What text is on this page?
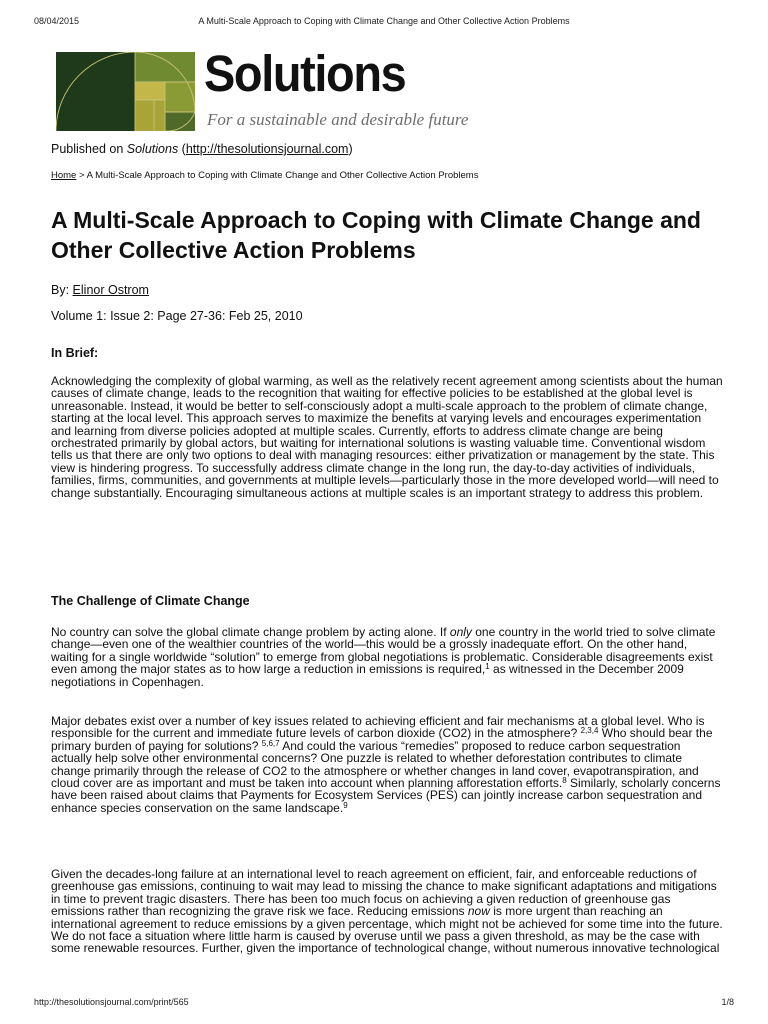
08/04/2015	A Multi-Scale Approach to Coping with Climate Change and Other Collective Action Problems
Solutions
For a sustainable and desirable future
Published on Solutions (http://thesolutionsjournal.com)
Home > A Multi-Scale Approach to Coping with Climate Change and Other Collective Action Problems
A Multi-Scale Approach to Coping with Climate Change and Other Collective Action Problems
By: Elinor Ostrom
Volume 1: Issue 2: Page 27-36: Feb 25, 2010
In Brief:

Acknowledging the complexity of global warming, as well as the relatively recent agreement among scientists about the human causes of climate change, leads to the recognition that waiting for effective policies to be established at the global level is unreasonable. Instead, it would be better to self-consciously adopt a multi-scale approach to the problem of climate change, starting at the local level. This approach serves to maximize the benefits at varying levels and encourages experimentation and learning from diverse policies adopted at multiple scales. Currently, efforts to address climate change are being orchestrated primarily by global actors, but waiting for international solutions is wasting valuable time. Conventional wisdom tells us that there are only two options to deal with managing resources: either privatization or management by the state. This view is hindering progress. To successfully address climate change in the long run, the day-to-day activities of individuals, families, firms, communities, and governments at multiple levels—particularly those in the more developed world—will need to change substantially. Encouraging simultaneous actions at multiple scales is an important strategy to address this problem.

The Challenge of Climate Change

No country can solve the global climate change problem by acting alone. If only one country in the world tried to solve climate change—even one of the wealthier countries of the world—this would be a grossly inadequate effort. On the other hand, waiting for a single worldwide “solution” to emerge from global negotiations is problematic. Considerable disagreements exist even among the major states as to how large a reduction in emissions is required,$^1$ as witnessed in the December 2009 negotiations in Copenhagen.

Major debates exist over a number of key issues related to achieving efficient and fair mechanisms at a global level. Who is responsible for the current and immediate future levels of carbon dioxide (CO2) in the atmosphere? $^{2,3,4}$ Who should bear the primary burden of paying for solutions? $^{5,6,7}$ And could the various “remedies” proposed to reduce carbon sequestration actually help solve other environmental concerns? One puzzle is related to whether deforestation contributes to climate change primarily through the release of CO2 to the atmosphere or whether changes in land cover, evapotranspiration, and cloud cover are as important and must be taken into account when planning afforestation efforts.$^8$ Similarly, scholarly concerns have been raised about claims that Payments for Ecosystem Services (PES) can jointly increase carbon sequestration and enhance species conservation on the same landscape.$^9$

Given the decades-long failure at an international level to reach agreement on efficient, fair, and enforceable reductions of greenhouse gas emissions, continuing to wait may lead to missing the chance to make significant adaptations and mitigations in time to prevent tragic disasters. There has been too much focus on achieving a given reduction of greenhouse gas emissions rather than recognizing the grave risk we face. Reducing emissions now is more urgent than reaching an international agreement to reduce emissions by a given percentage, which might not be achieved for some time into the future. We do not face a situation where little harm is caused by overuse until we pass a given threshold, as may be the case with some renewable resources. Further, given the importance of technological change, without numerous innovative technological

http://thesolutionsjournal.com/print/565	1/8
